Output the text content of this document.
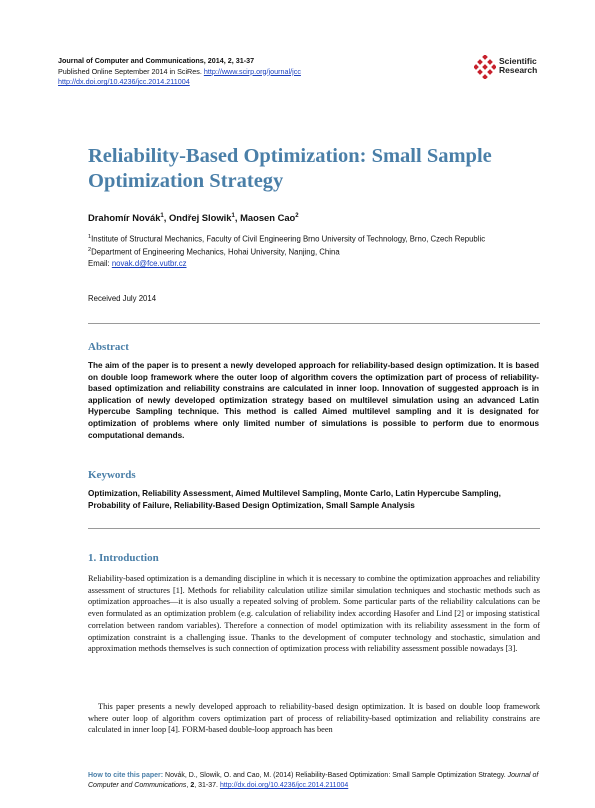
Journal of Computer and Communications, 2014, 2, 31-37
Published Online September 2014 in SciRes. http://www.scirp.org/journal/jcc
http://dx.doi.org/10.4236/jcc.2014.211004
Scientific
Research
Reliability-Based Optimization: Small Sample Optimization Strategy
Drahomír Novák$^1$, Ondřej Slowik$^1$, Maosen Cao$^2$
$^1$Institute of Structural Mechanics, Faculty of Civil Engineering Brno University of Technology, Brno, Czech Republic
$^2$Department of Engineering Mechanics, Hohai University, Nanjing, China
Email: novak.d@fce.vutbr.cz
Received July 2014
Abstract
The aim of the paper is to present a newly developed approach for reliability-based design optimization. It is based on double loop framework where the outer loop of algorithm covers the optimization part of process of reliability-based optimization and reliability constrains are calculated in inner loop. Innovation of suggested approach is in application of newly developed optimization strategy based on multilevel simulation using an advanced Latin Hypercube Sampling technique. This method is called Aimed multilevel sampling and it is designated for optimization of problems where only limited number of simulations is possible to perform due to enormous computational demands.
Keywords
Optimization, Reliability Assessment, Aimed Multilevel Sampling, Monte Carlo, Latin Hypercube Sampling, Probability of Failure, Reliability-Based Design Optimization, Small Sample Analysis
1. Introduction

Reliability-based optimization is a demanding discipline in which it is necessary to combine the optimization approaches and reliability assessment of structures [1]. Methods for reliability calculation utilize similar simulation techniques and stochastic methods such as optimization approaches—it is also usually a repeated solving of problem. Some particular parts of the reliability calculations can be even formulated as an optimization problem (e.g. calculation of reliability index according Hasofer and Lind [2] or imposing statistical correlation between random variables). Therefore a connection of model optimization with its reliability assessment in the form of optimization constraint is a challenging issue. Thanks to the development of computer technology and stochastic, simulation and approximation methods themselves is such connection of optimization process with reliability assessment possible nowadays [3].

This paper presents a newly developed approach to reliability-based design optimization. It is based on double loop framework where outer loop of algorithm covers optimization part of process of reliability-based optimization and reliability constrains are calculated in inner loop [4]. FORM-based double-loop approach has been

How to cite this paper: Novák, D., Slowik, O. and Cao, M. (2014) Reliability-Based Optimization: Small Sample Optimization Strategy. Journal of Computer and Communications, 2, 31-37. http://dx.doi.org/10.4236/jcc.2014.211004
